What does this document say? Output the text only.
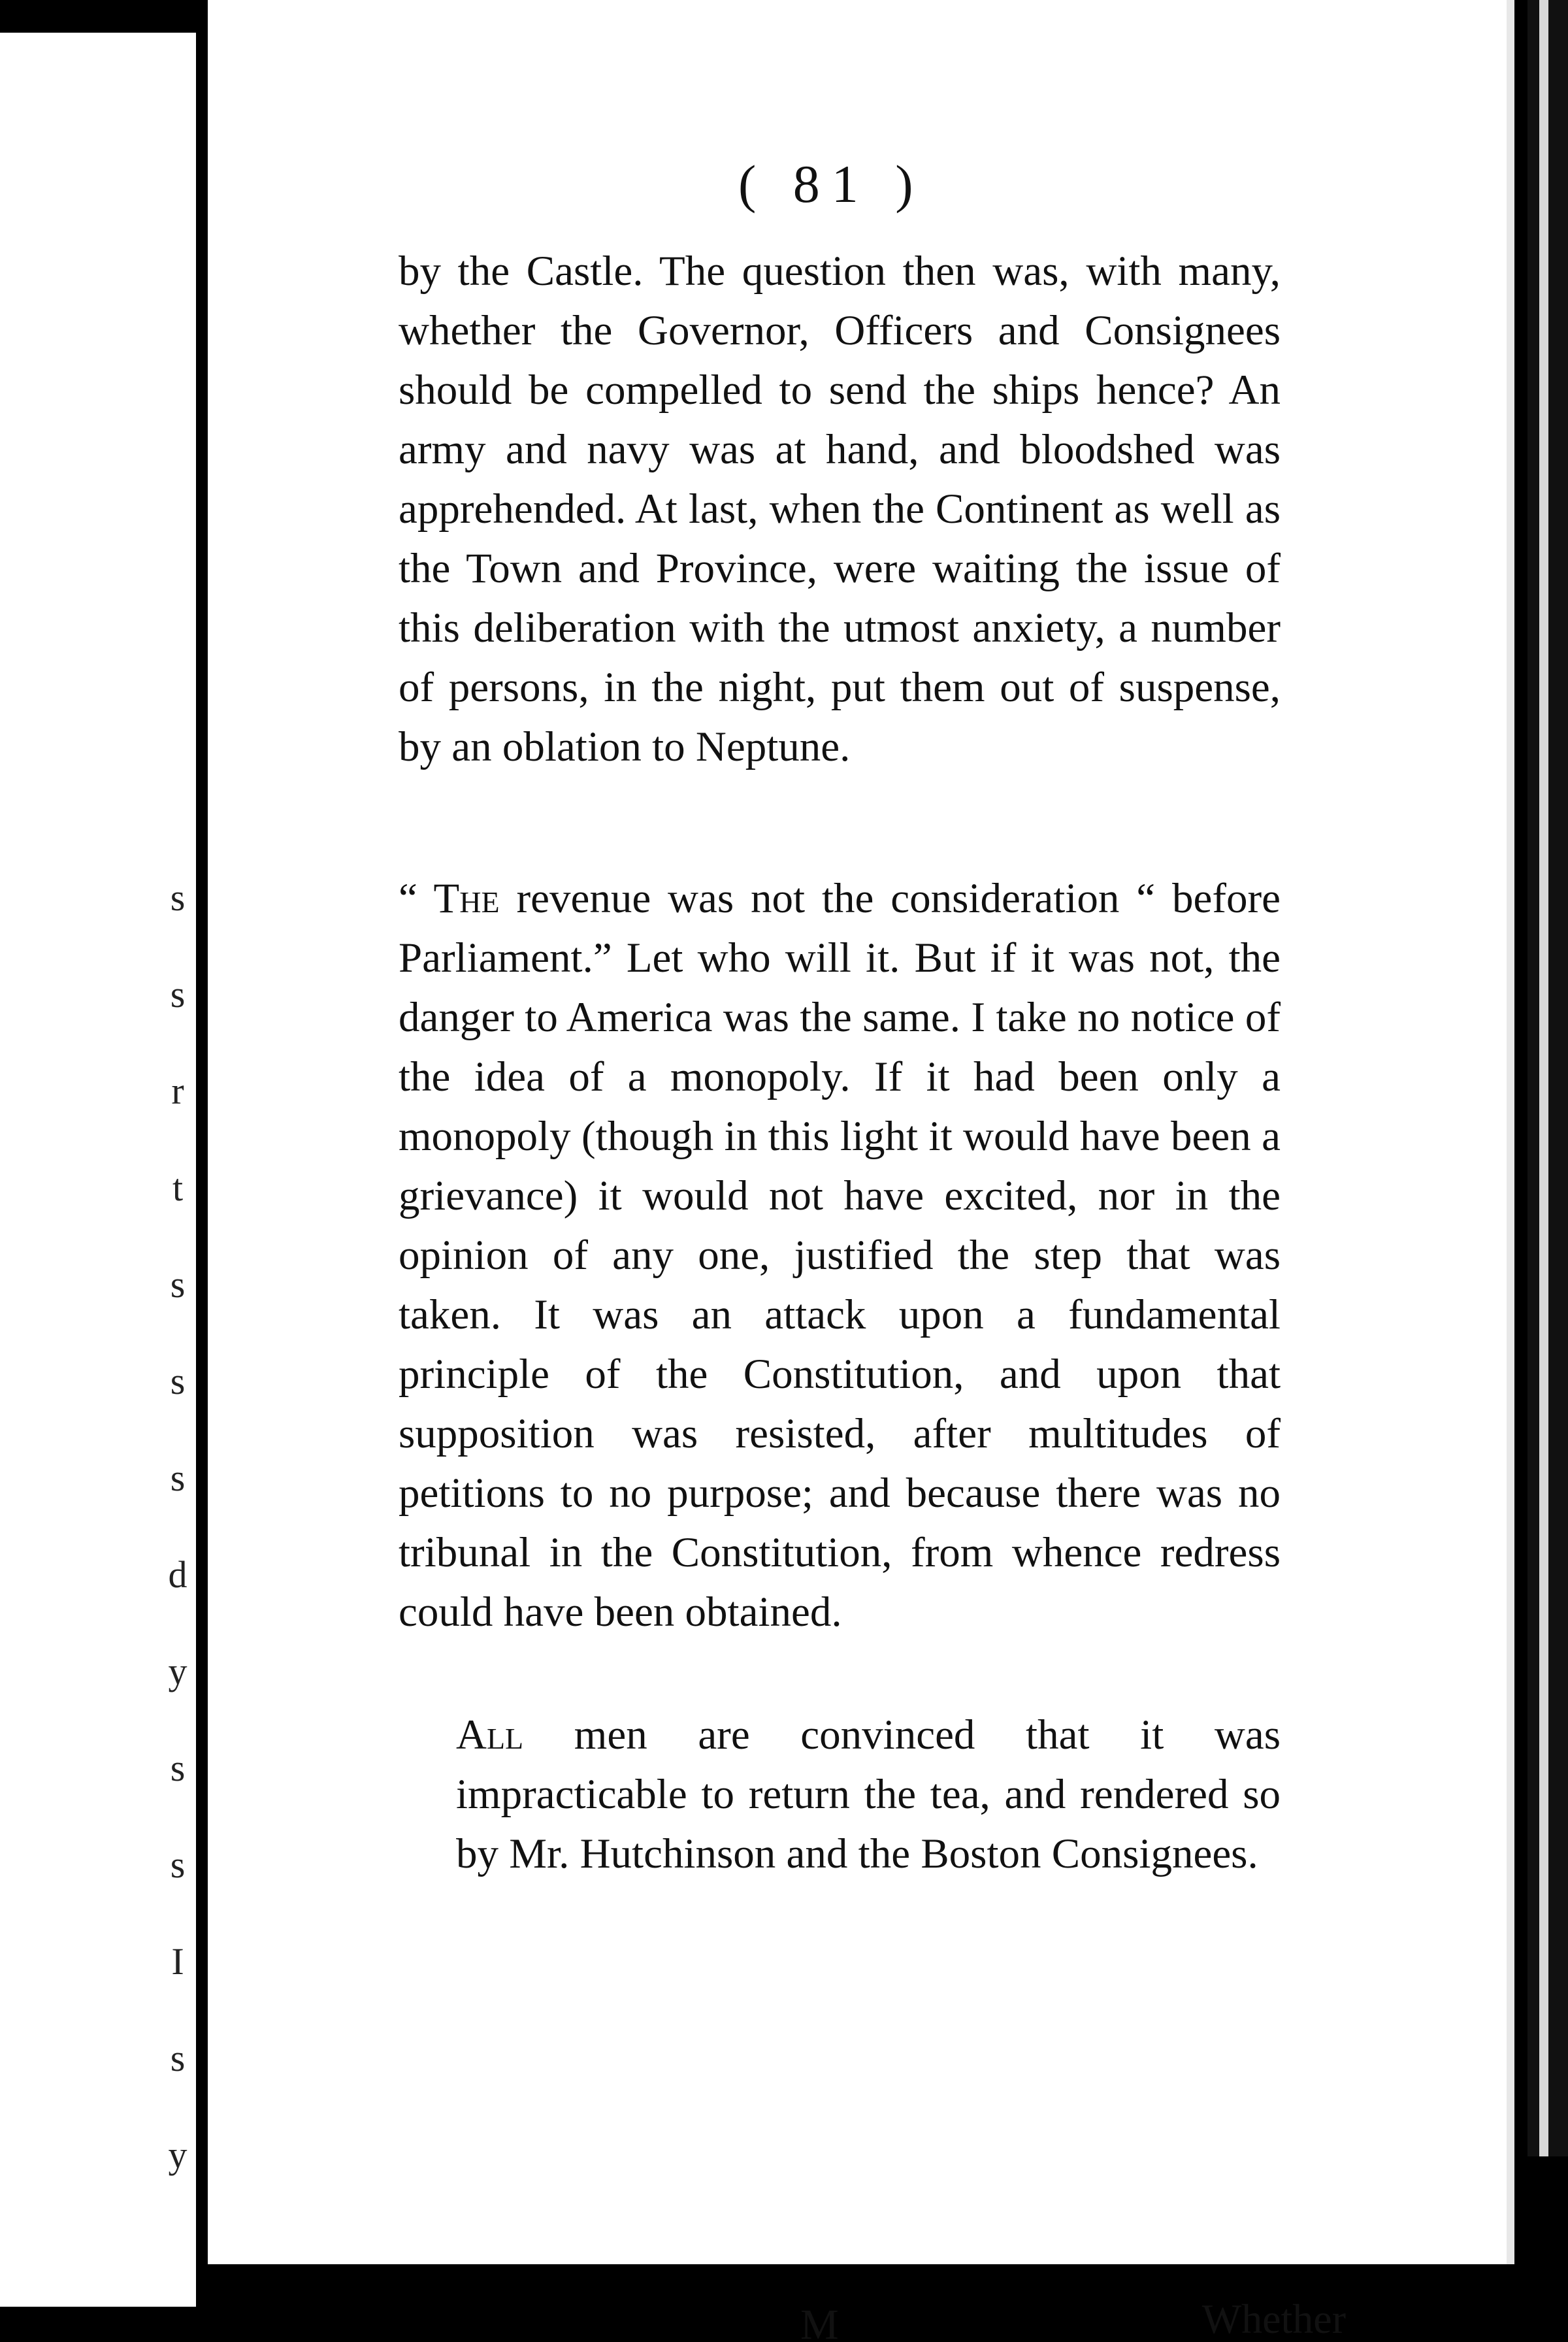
s
s
r
t
s
s
s
d
y
s
s
I
s
y
( 81 )

by the Castle. The question then was, with many, whether the Governor, Officers and Consignees should be compelled to send the ships hence? An army and navy was at hand, and bloodshed was apprehended. At last, when the Continent as well as the Town and Province, were waiting the issue of this deliberation with the utmost anxiety, a number of persons, in the night, put them out of suspense, by an oblation to Neptune.

“ The revenue was not the consideration “ before Parliament.” Let who will it. But if it was not, the danger to America was the same. I take no notice of the idea of a monopoly. If it had been only a monopoly (though in this light it would have been a grievance) it would not have excited, nor in the opinion of any one, justified the step that was taken. It was an attack upon a fundamental principle of the Constitution, and upon that supposition was resisted, after multitudes of petitions to no purpose; and because there was no tribunal in the Constitution, from whence redress could have been obtained.

All men are convinced that it was impracticable to return the tea, and rendered so by Mr. Hutchinson and the Boston Consignees.

M	Whether
